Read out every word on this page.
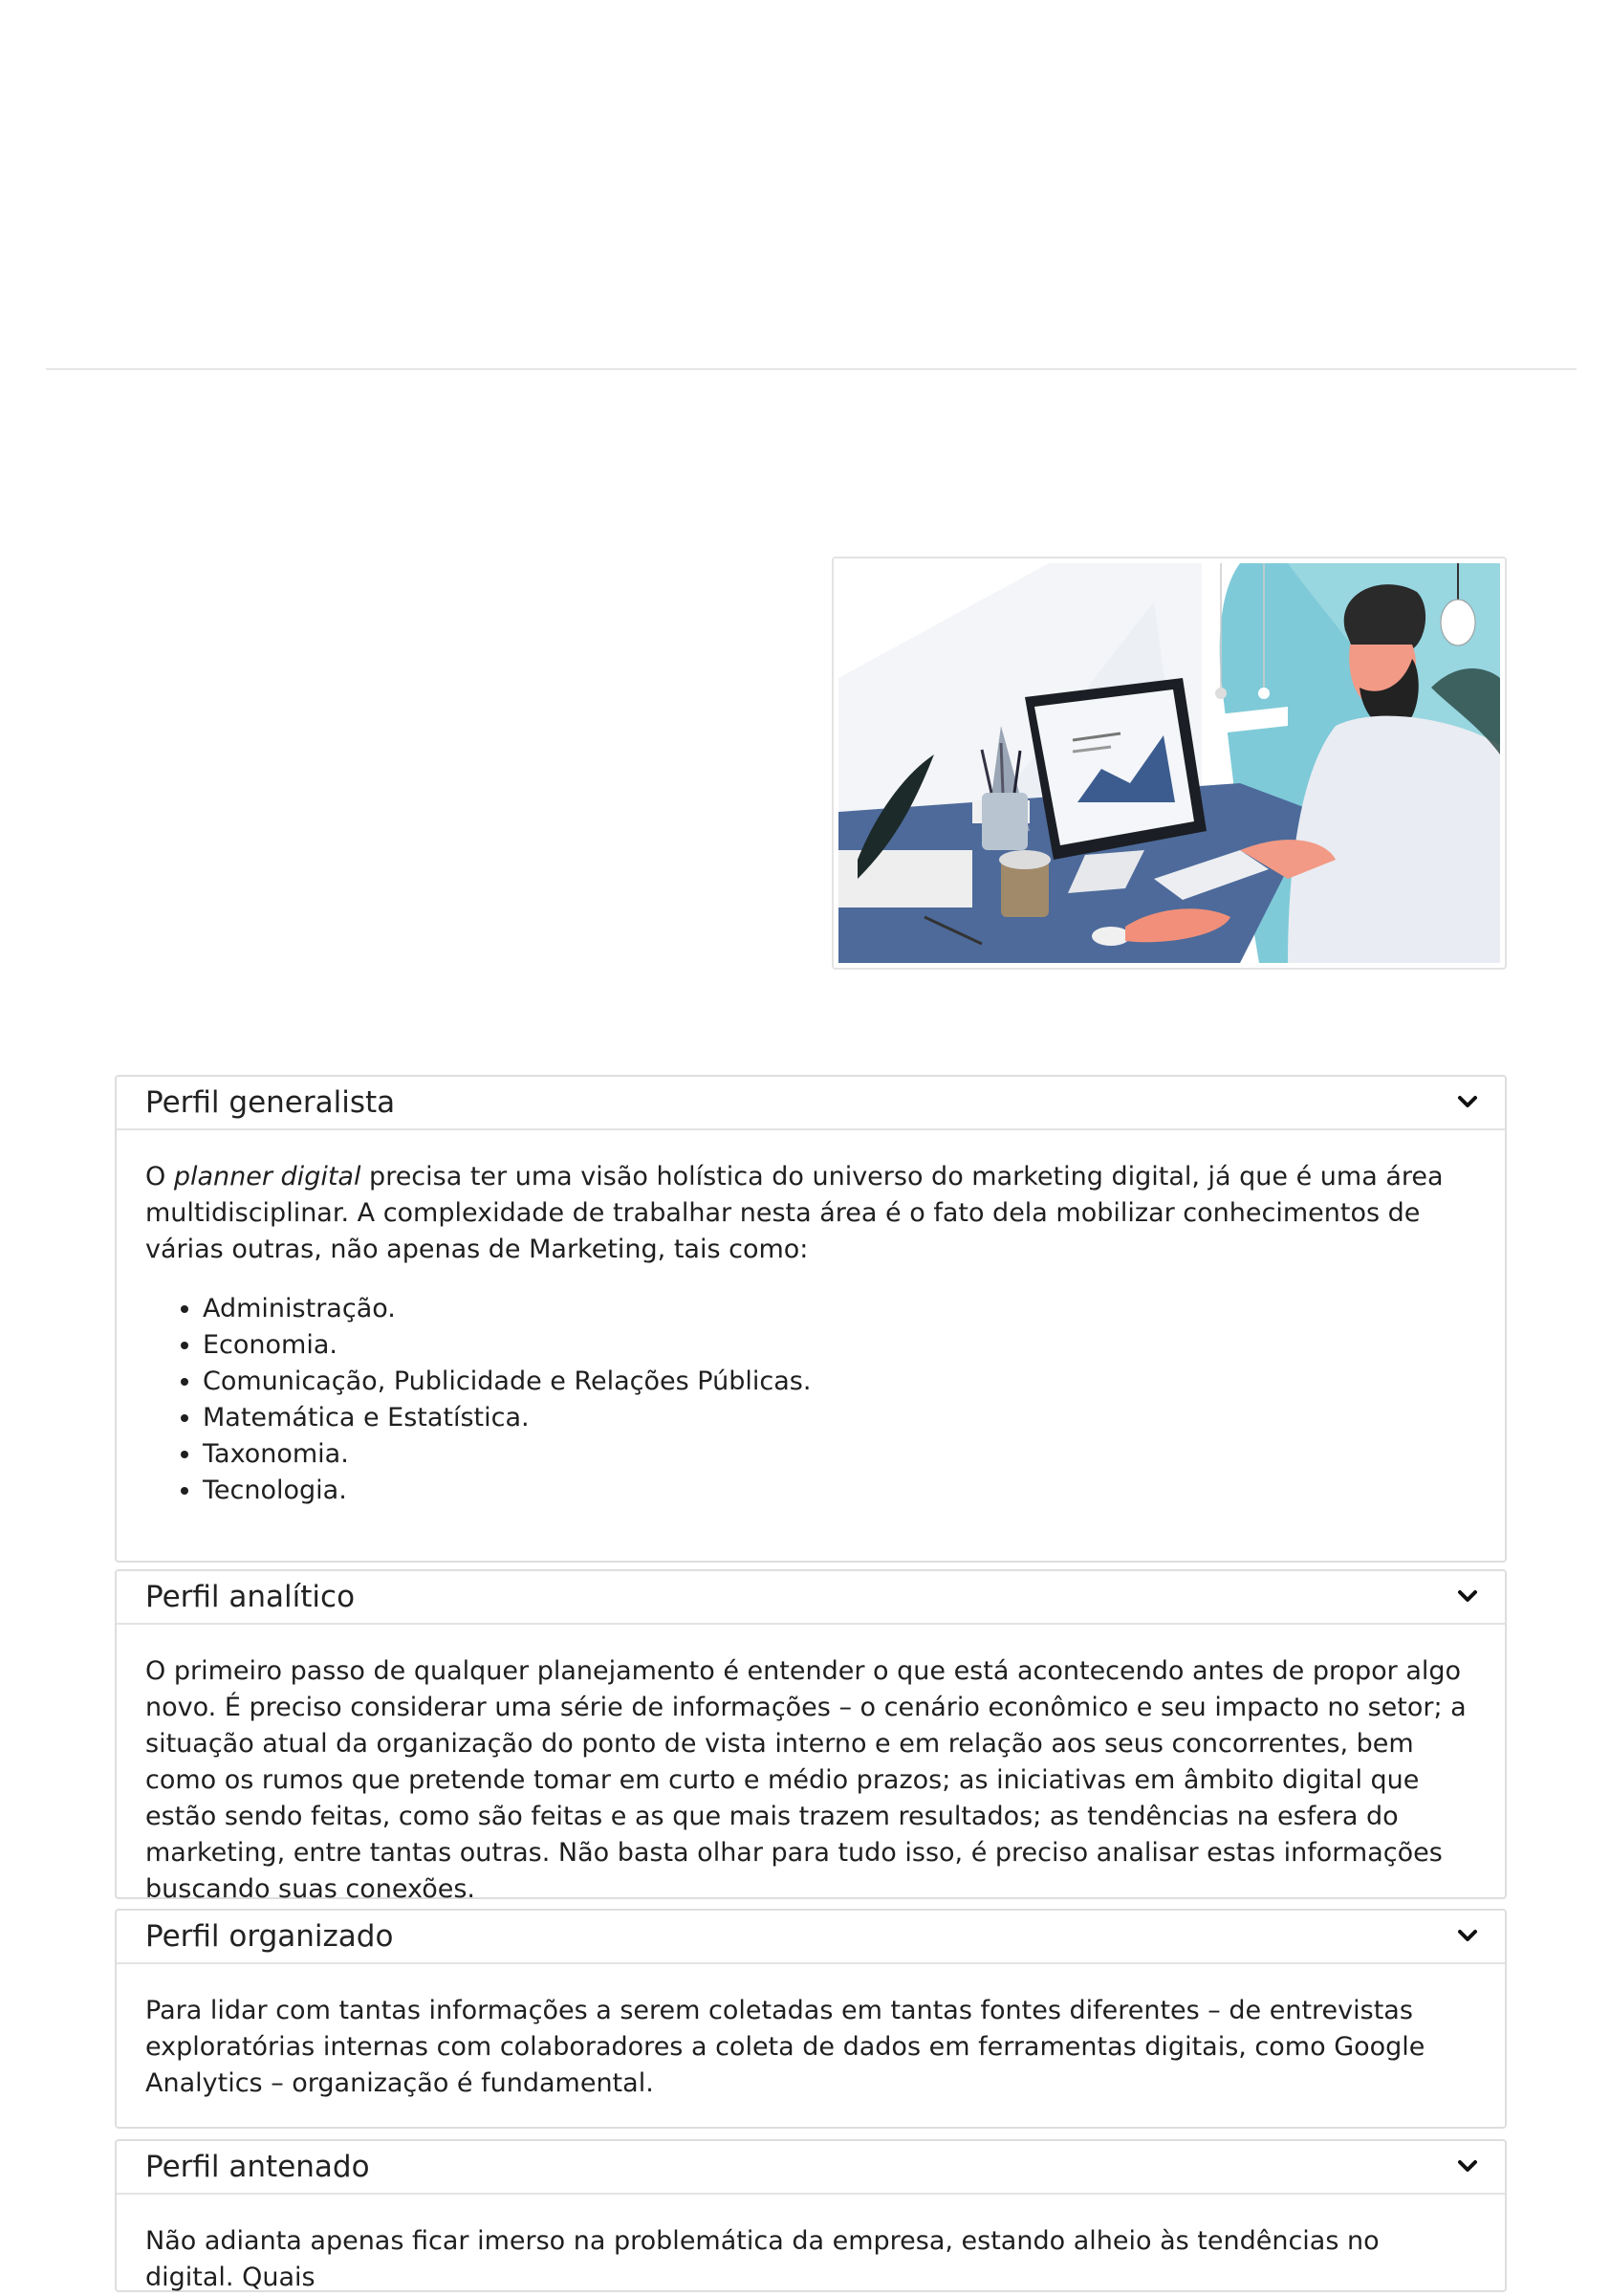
Perfil generalista

O planner digital precisa ter uma visão holística do universo do marketing digital, já que é uma área multidisciplinar. A complexidade de trabalhar nesta área é o fato dela mobilizar conhecimentos de várias outras, não apenas de Marketing, tais como:

• Administração.
• Economia.
• Comunicação, Publicidade e Relações Públicas.
• Matemática e Estatística.
• Taxonomia.
• Tecnologia.
Perfil analítico

O primeiro passo de qualquer planejamento é entender o que está acontecendo antes de propor algo novo. É preciso considerar uma série de informações – o cenário econômico e seu impacto no setor; a situação atual da organização do ponto de vista interno e em relação aos seus concorrentes, bem como os rumos que pretende tomar em curto e médio prazos; as iniciativas em âmbito digital que estão sendo feitas, como são feitas e as que mais trazem resultados; as tendências na esfera do marketing, entre tantas outras. Não basta olhar para tudo isso, é preciso analisar estas informações buscando suas conexões.

Perfil organizado

Para lidar com tantas informações a serem coletadas em tantas fontes diferentes – de entrevistas exploratórias internas com colaboradores a coleta de dados em ferramentas digitais, como Google Analytics – organização é fundamental.

Perfil antenado

Não adianta apenas ficar imerso na problemática da empresa, estando alheio às tendências no digital. Quais
